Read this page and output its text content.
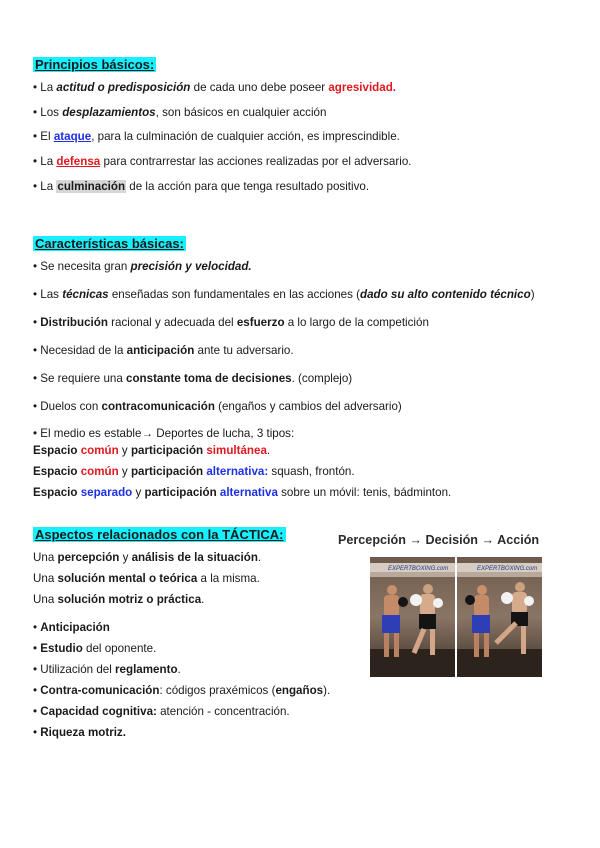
Principios básicos:
• La actitud o predisposición de cada uno debe poseer agresividad.
• Los desplazamientos, son básicos en cualquier acción
• El ataque, para la culminación de cualquier acción, es imprescindible.
• La defensa para contrarrestar las acciones realizadas por el adversario.
• La culminación de la acción para que tenga resultado positivo.
Características básicas:
• Se necesita gran precisión y velocidad.
• Las técnicas enseñadas son fundamentales en las acciones (dado su alto contenido técnico)
• Distribución racional y adecuada del esfuerzo a lo largo de la competición
• Necesidad de la anticipación ante tu adversario.
• Se requiere una constante toma de decisiones. (complejo)
• Duelos con contracomunicación (engaños y cambios del adversario)
• El medio es estable→ Deportes de lucha, 3 tipos:
Espacio común y participación simultánea.
Espacio común y participación alternativa: squash, frontón.
Espacio separado y participación alternativa sobre un móvil: tenis, bádminton.
Aspectos relacionados con la TÁCTICA:
Una percepción y análisis de la situación.
Una solución mental o teórica a la misma.
Una solución motriz o práctica.
• Anticipación
• Estudio del oponente.
• Utilización del reglamento.
• Contra-comunicación: códigos praxémicos (engaños).
• Capacidad cognitiva: atención - concentración.
• Riqueza motriz.
Percepción → Decisión → Acción
EXPERTBOXING.com	EXPERTBOXING.com
